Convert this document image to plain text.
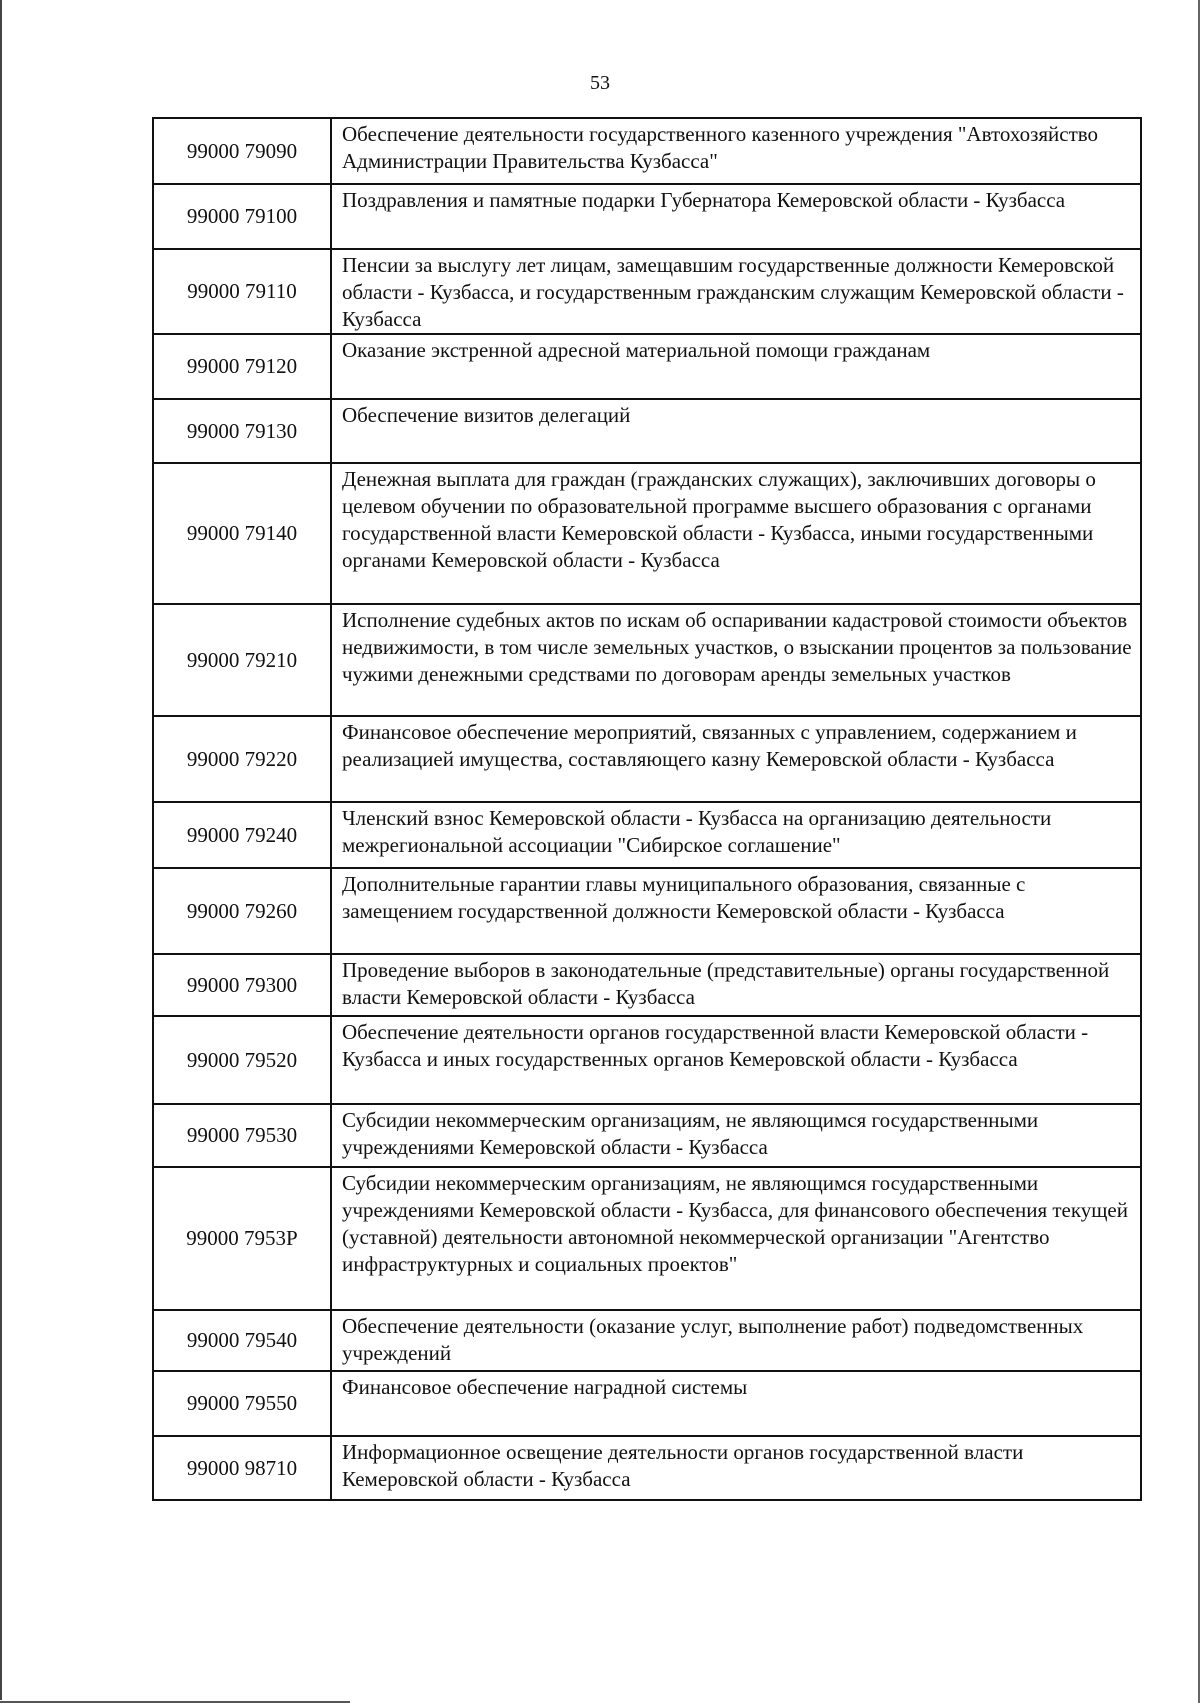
53
99000 79090	Обеспечение деятельности государственного казенного учреждения "Автохозяйство Администрации Правительства Кузбасса"
99000 79100	Поздравления и памятные подарки Губернатора Кемеровской области - Кузбасса
99000 79110	Пенсии за выслугу лет лицам, замещавшим государственные должности Кемеровской области - Кузбасса, и государственным гражданским служащим Кемеровской области - Кузбасса
99000 79120	Оказание экстренной адресной материальной помощи гражданам
99000 79130	Обеспечение визитов делегаций
99000 79140	Денежная выплата для граждан (гражданских служащих), заключивших договоры о целевом обучении по образовательной программе высшего образования с органами государственной власти Кемеровской области - Кузбасса, иными государственными органами Кемеровской области - Кузбасса
99000 79210	Исполнение судебных актов по искам об оспаривании кадастровой стоимости объектов недвижимости, в том числе земельных участков, о взыскании процентов за пользование чужими денежными средствами по договорам аренды земельных участков
99000 79220	Финансовое обеспечение мероприятий, связанных с управлением, содержанием и реализацией имущества, составляющего казну Кемеровской области - Кузбасса
99000 79240	Членский взнос Кемеровской области - Кузбасса на организацию деятельности межрегиональной ассоциации "Сибирское соглашение"
99000 79260	Дополнительные гарантии главы муниципального образования, связанные с замещением государственной должности Кемеровской области - Кузбасса
99000 79300	Проведение выборов в законодательные (представительные) органы государственной власти Кемеровской области - Кузбасса
99000 79520	Обеспечение деятельности органов государственной власти Кемеровской области - Кузбасса и иных государственных органов Кемеровской области - Кузбасса
99000 79530	Субсидии некоммерческим организациям, не являющимся государственными учреждениями Кемеровской области - Кузбасса
99000 7953P	Субсидии некоммерческим организациям, не являющимся государственными учреждениями Кемеровской области - Кузбасса, для финансового обеспечения текущей (уставной) деятельности автономной некоммерческой организации "Агентство инфраструктурных и социальных проектов"
99000 79540	Обеспечение деятельности (оказание услуг, выполнение работ) подведомственных учреждений
99000 79550	Финансовое обеспечение наградной системы
99000 98710	Информационное освещение деятельности органов государственной власти Кемеровской области - Кузбасса
